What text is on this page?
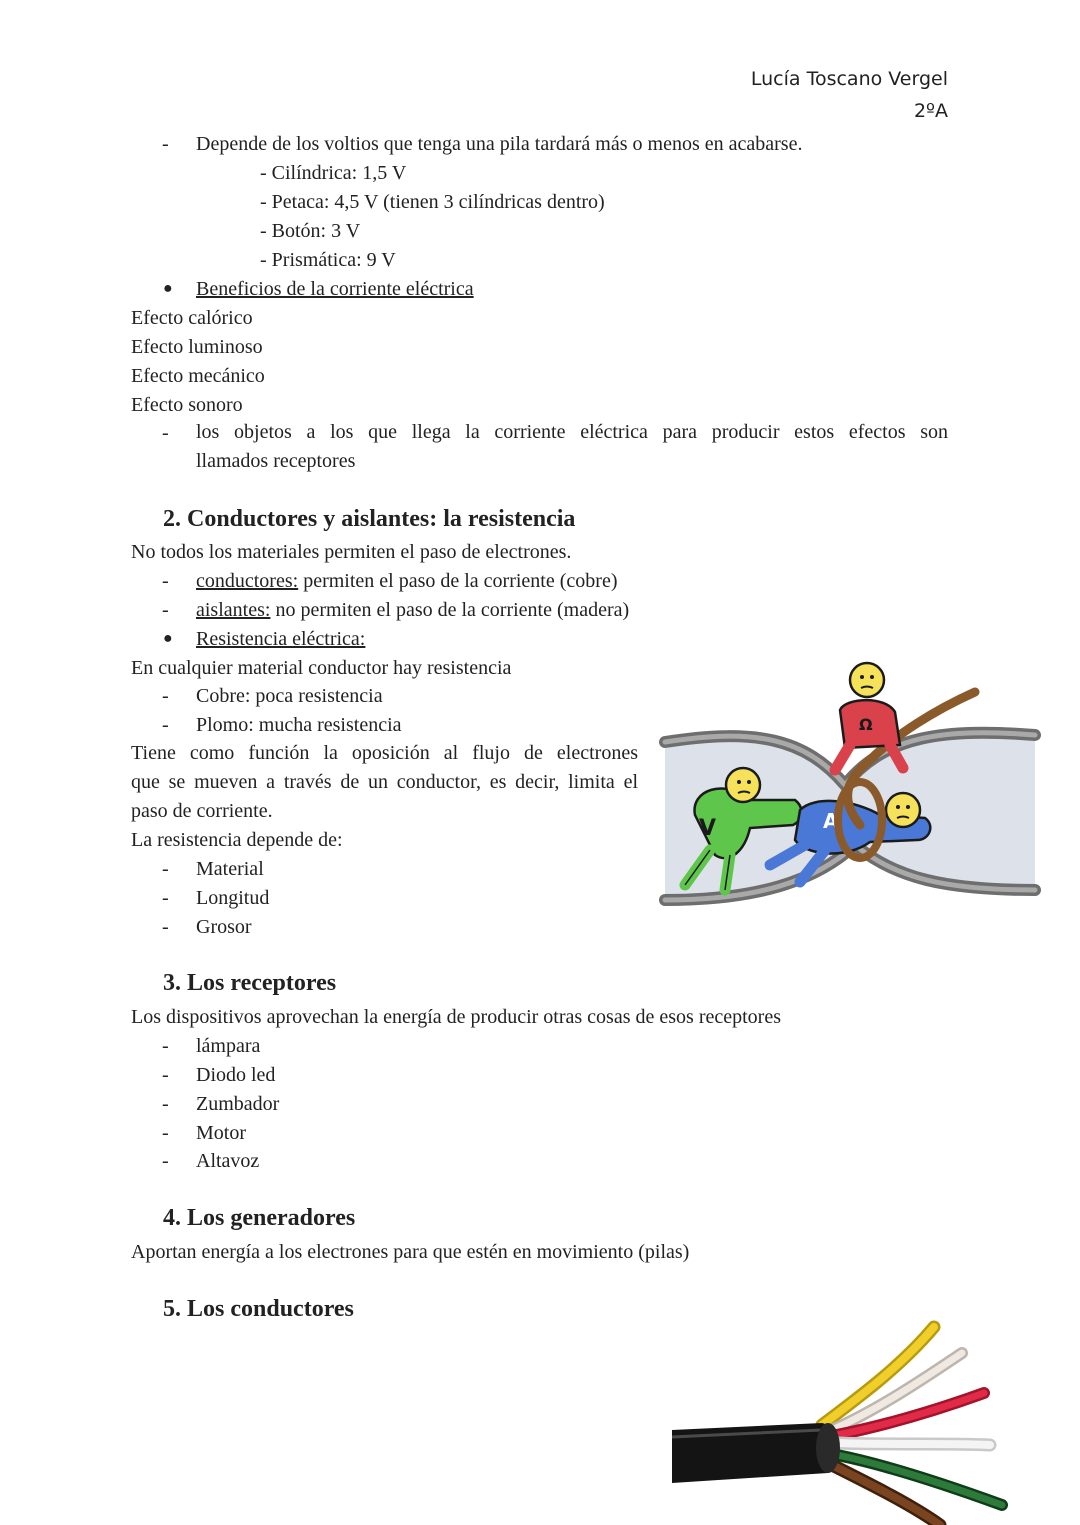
Lucía Toscano Vergel
2ºA
- Depende de los voltios que tenga una pila tardará más o menos en acabarse.
- Cilíndrica: 1,5 V
- Petaca: 4,5 V (tienen 3 cilíndricas dentro)
- Botón: 3 V
- Prismática: 9 V
● Beneficios de la corriente eléctrica
Efecto calórico
Efecto luminoso
Efecto mecánico
Efecto sonoro
- los objetos a los que llega la corriente eléctrica para producir estos efectos son
llamados receptores
2. Conductores y aislantes: la resistencia
No todos los materiales permiten el paso de electrones.
- conductores: permiten el paso de la corriente (cobre)
- aislantes: no permiten el paso de la corriente (madera)
● Resistencia eléctrica:
En cualquier material conductor hay resistencia
- Cobre: poca resistencia
- Plomo: mucha resistencia
Tiene como función la oposición al flujo de electrones
que se mueven a través de un conductor, es decir, limita el
paso de corriente.
La resistencia depende de:
- Material
- Longitud
- Grosor
V	A
Ω
3. Los receptores
Los dispositivos aprovechan la energía de producir otras cosas de esos receptores
- lámpara
- Diodo led
- Zumbador
- Motor
- Altavoz
4. Los generadores
Aportan energía a los electrones para que estén en movimiento (pilas)
5. Los conductores
